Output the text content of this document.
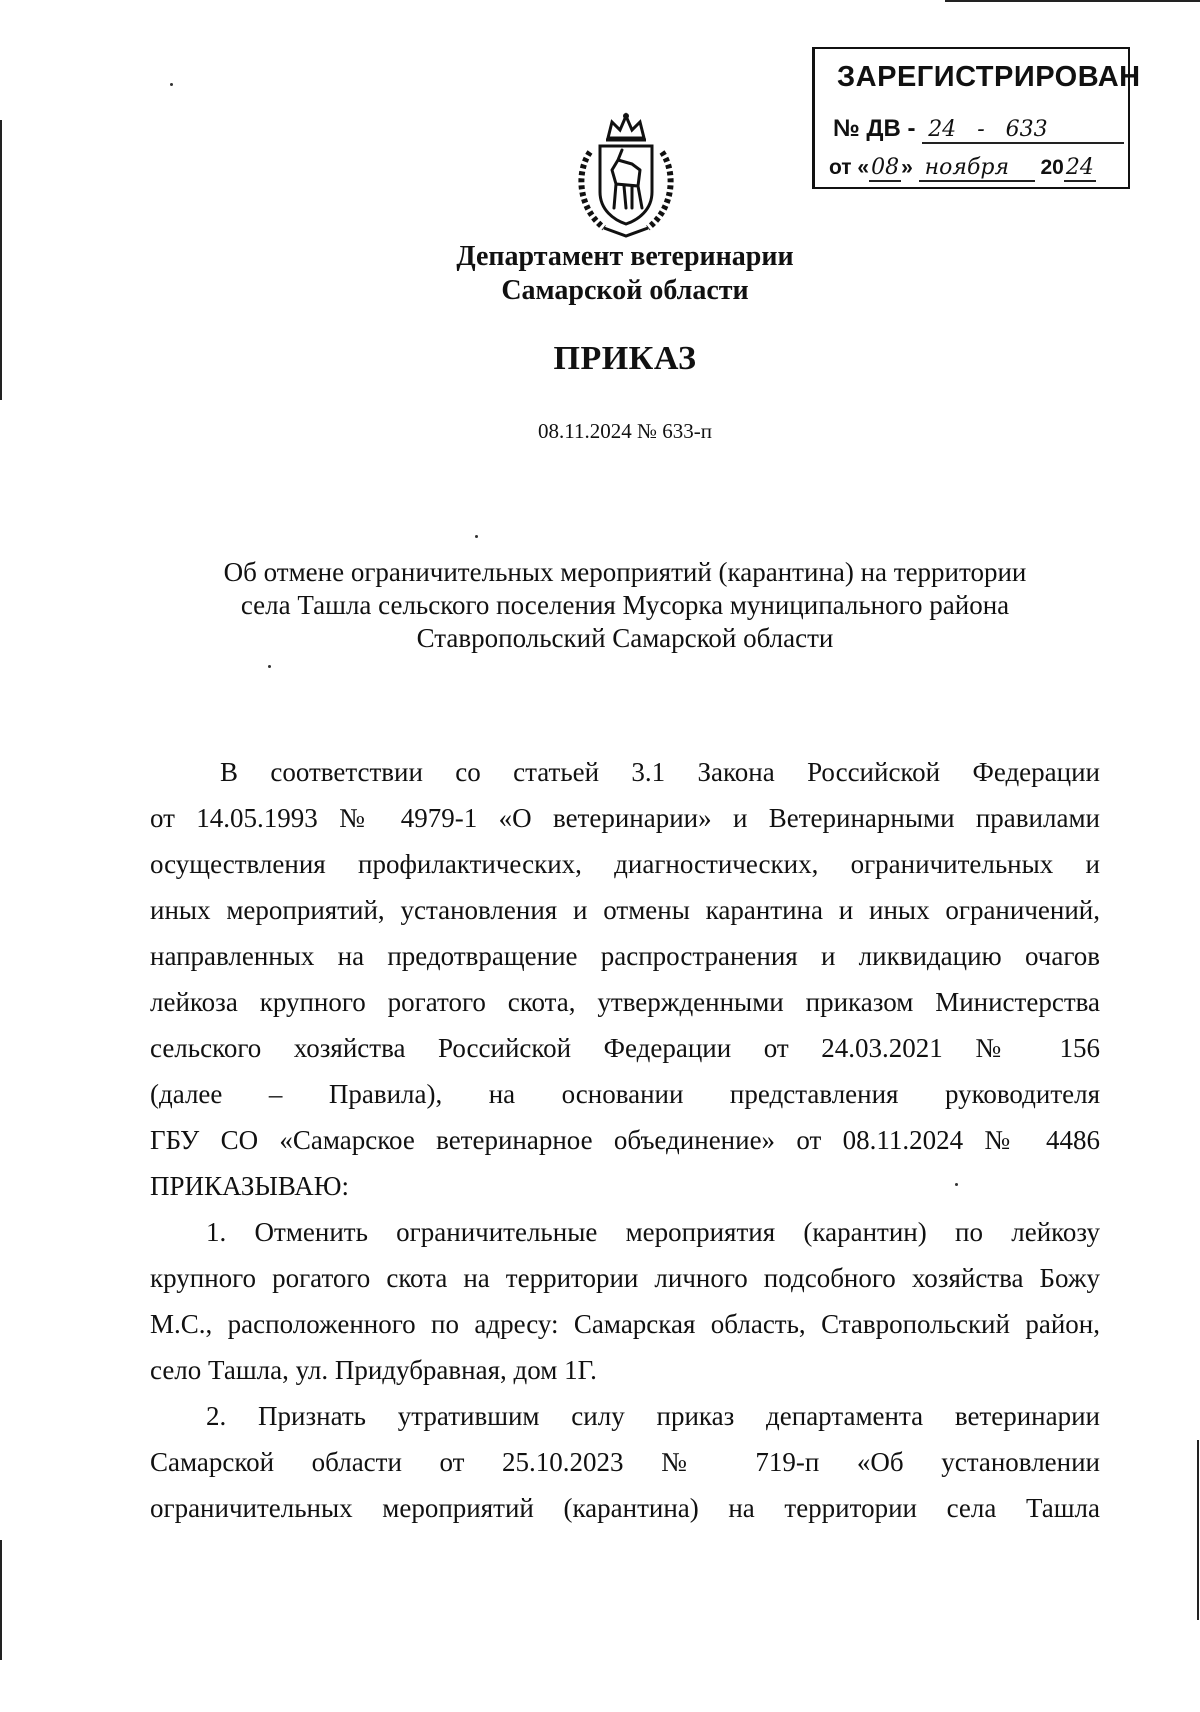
ЗАРЕГИСТРИРОВАН
№ ДВ - 24 - 633
от «08» ноября 2024
Департамент ветеринарии
Самарской области
ПРИКАЗ
08.11.2024 № 633-п
Об отмене ограничительных мероприятий (карантина) на территории
села Ташла сельского поселения Мусорка муниципального района
Ставропольский Самарской области
В соответствии со статьей 3.1 Закона Российской Федерации
от 14.05.1993 № 4979-1 «О ветеринарии» и Ветеринарными правилами
осуществления профилактических, диагностических, ограничительных и
иных мероприятий, установления и отмены карантина и иных ограничений,
направленных на предотвращение распространения и ликвидацию очагов
лейкоза крупного рогатого скота, утвержденными приказом Министерства
сельского хозяйства Российской Федерации от 24.03.2021 № 156
(далее – Правила), на основании представления руководителя
ГБУ СО «Самарское ветеринарное объединение» от 08.11.2024 № 4486
ПРИКАЗЫВАЮ:
1. Отменить ограничительные мероприятия (карантин) по лейкозу
крупного рогатого скота на территории личного подсобного хозяйства Божу
М.С., расположенного по адресу: Самарская область, Ставропольский район,
село Ташла, ул. Придубравная, дом 1Г.
2. Признать утратившим силу приказ департамента ветеринарии
Самарской области от 25.10.2023 № 719-п «Об установлении
ограничительных мероприятий (карантина) на территории села Ташла
